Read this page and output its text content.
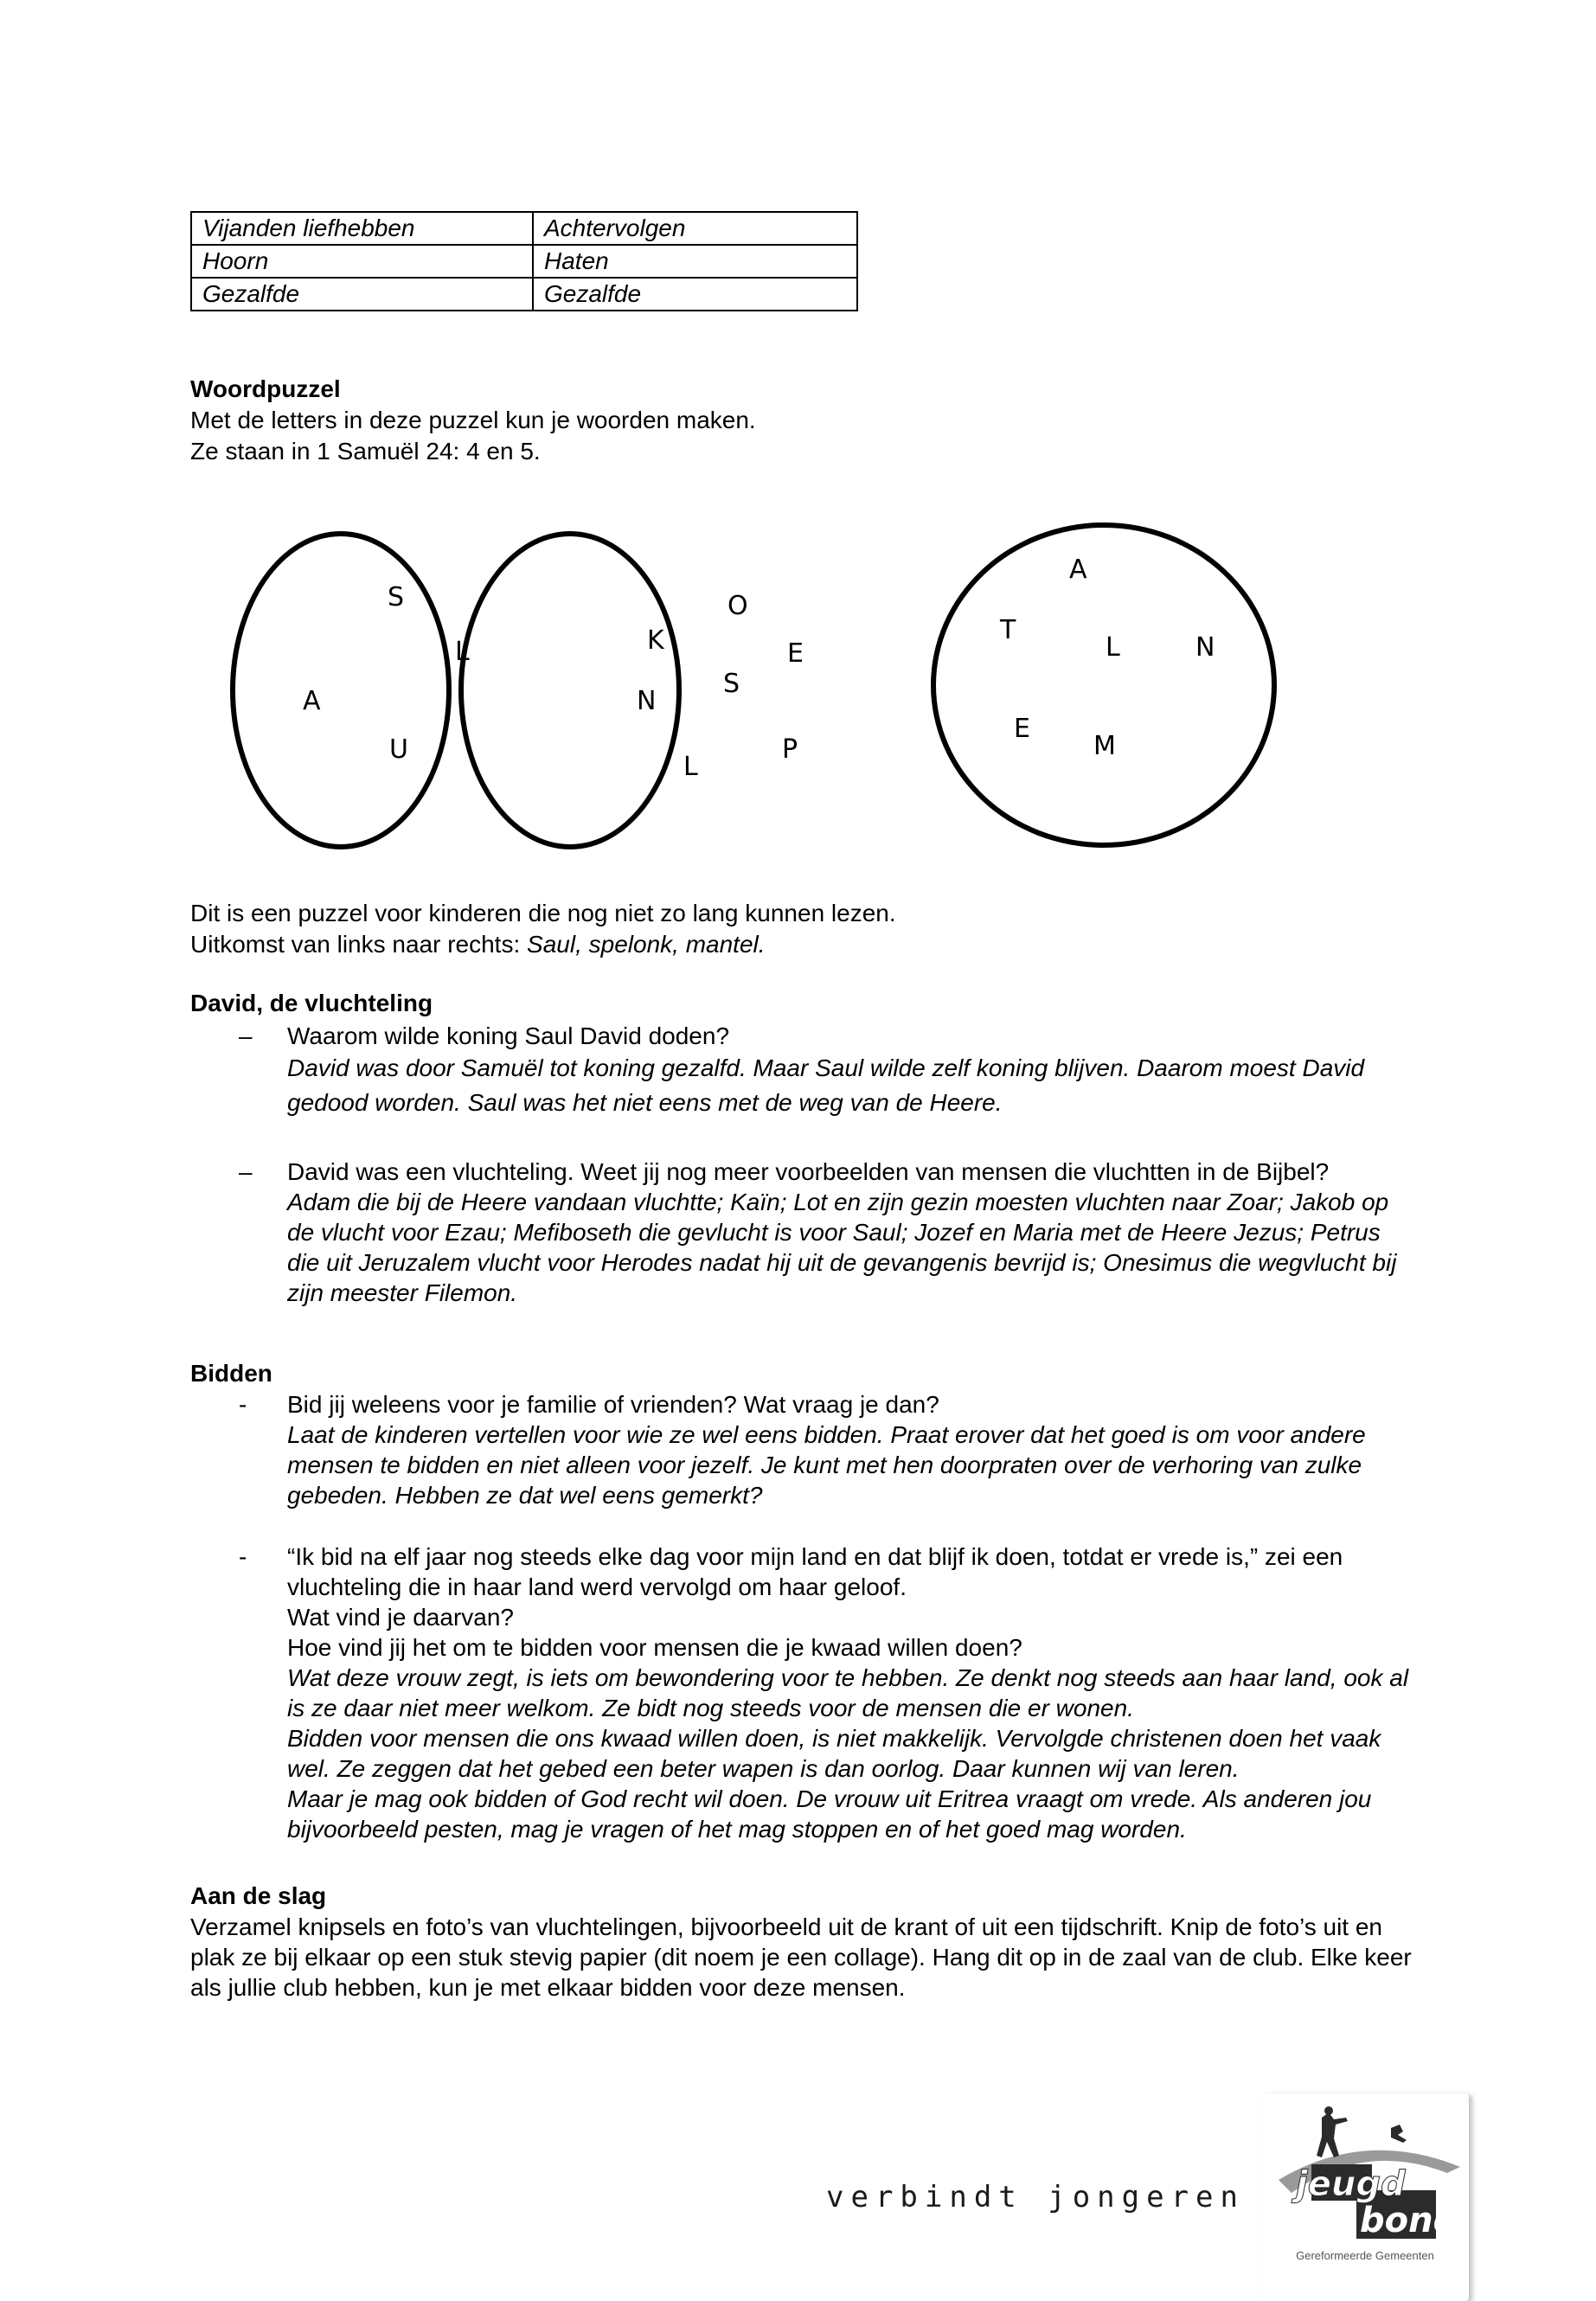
Vijanden liefhebben	Achtervolgen
Hoorn	Haten
Gezalfde	Gezalfde
Woordpuzzel
Met de letters in deze puzzel kun je woorden maken.
Ze staan in 1 Samuël 24: 4 en 5.
S
L
A
U
O
K	E
S
N
P
L
A
T
L	N
E
M
Dit is een puzzel voor kinderen die nog niet zo lang kunnen lezen.
Uitkomst van links naar rechts: Saul, spelonk, mantel.
David, de vluchteling
–	Waarom wilde koning Saul David doden?
David was door Samuël tot koning gezalfd. Maar Saul wilde zelf koning blijven. Daarom moest David gedood worden. Saul was het niet eens met de weg van de Heere.
–	David was een vluchteling. Weet jij nog meer voorbeelden van mensen die vluchtten in de Bijbel?
Adam die bij de Heere vandaan vluchtte; Kaïn; Lot en zijn gezin moesten vluchten naar Zoar; Jakob op de vlucht voor Ezau; Mefiboseth die gevlucht is voor Saul; Jozef en Maria met de Heere Jezus; Petrus die uit Jeruzalem vlucht voor Herodes nadat hij uit de gevangenis bevrijd is; Onesimus die wegvlucht bij zijn meester Filemon.
Bidden
-	Bid jij weleens voor je familie of vrienden? Wat vraag je dan?
Laat de kinderen vertellen voor wie ze wel eens bidden. Praat erover dat het goed is om voor andere mensen te bidden en niet alleen voor jezelf. Je kunt met hen doorpraten over de verhoring van zulke gebeden. Hebben ze dat wel eens gemerkt?
-	“Ik bid na elf jaar nog steeds elke dag voor mijn land en dat blijf ik doen, totdat er vrede is,” zei een vluchteling die in haar land werd vervolgd om haar geloof.
Wat vind je daarvan?
Hoe vind jij het om te bidden voor mensen die je kwaad willen doen?
Wat deze vrouw zegt, is iets om bewondering voor te hebben. Ze denkt nog steeds aan haar land, ook al is ze daar niet meer welkom. Ze bidt nog steeds voor de mensen die er wonen.
Bidden voor mensen die ons kwaad willen doen, is niet makkelijk. Vervolgde christenen doen het vaak wel. Ze zeggen dat het gebed een beter wapen is dan oorlog. Daar kunnen wij van leren.
Maar je mag ook bidden of God recht wil doen. De vrouw uit Eritrea vraagt om vrede. Als anderen jou bijvoorbeeld pesten, mag je vragen of het mag stoppen en of het goed mag worden.
Aan de slag
Verzamel knipsels en foto’s van vluchtelingen, bijvoorbeeld uit de krant of uit een tijdschrift. Knip de foto’s uit en plak ze bij elkaar op een stuk stevig papier (dit noem je een collage). Hang dit op in de zaal van de club. Elke keer als jullie club hebben, kun je met elkaar bidden voor deze mensen.
verbindt jongeren jeugd
bond
Gereformeerde Gemeenten
